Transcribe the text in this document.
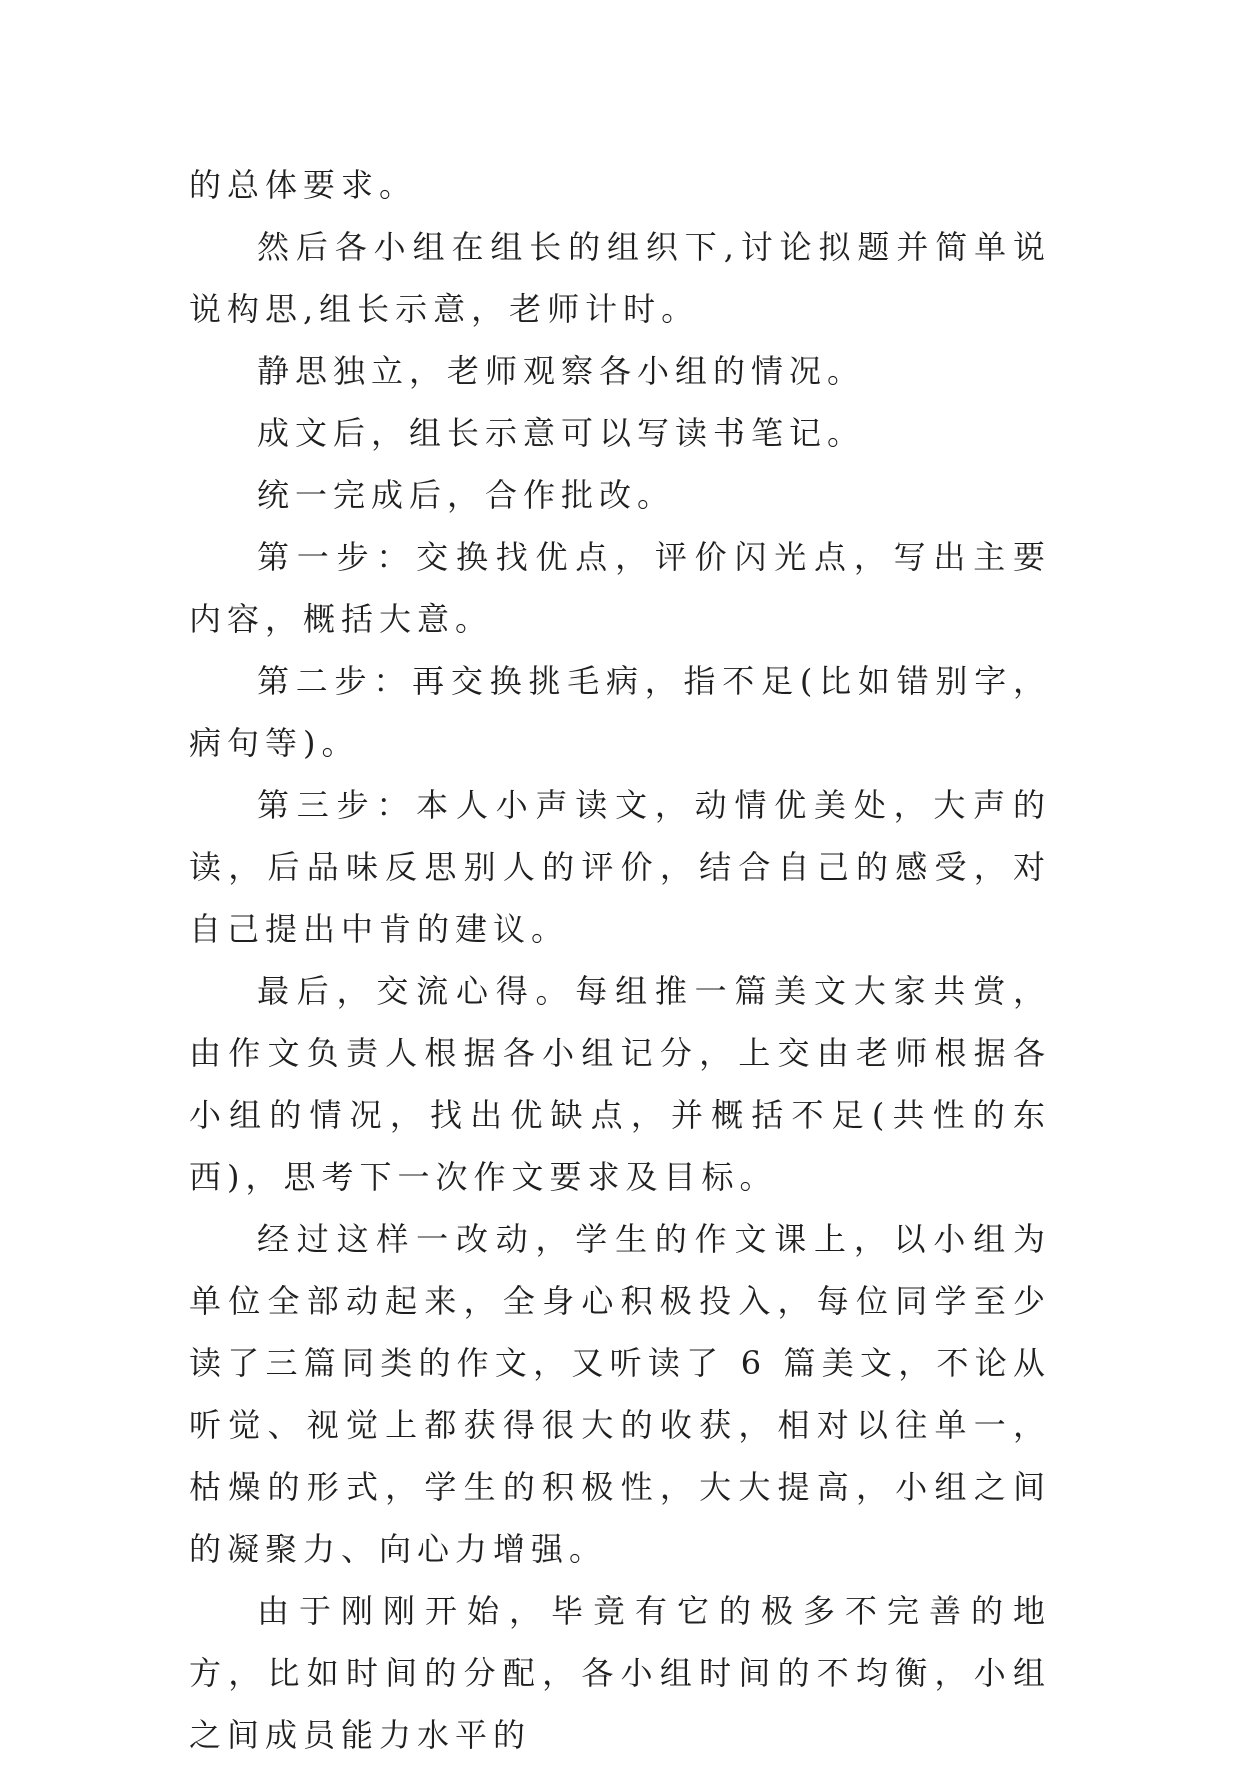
的总体要求。

然后各小组在组长的组织下,讨论拟题并简单说说构思,组长示意，老师计时。

静思独立，老师观察各小组的情况。

成文后，组长示意可以写读书笔记。

统一完成后，合作批改。

第一步：交换找优点，评价闪光点，写出主要内容，概括大意。

第二步：再交换挑毛病，指不足(比如错别字，病句等)。

第三步：本人小声读文，动情优美处，大声的读，后品味反思别人的评价，结合自己的感受，对自己提出中肯的建议。

最后，交流心得。每组推一篇美文大家共赏，由作文负责人根据各小组记分，上交由老师根据各小组的情况，找出优缺点，并概括不足(共性的东西)，思考下一次作文要求及目标。

经过这样一改动，学生的作文课上，以小组为单位全部动起来，全身心积极投入，每位同学至少读了三篇同类的作文，又听读了 6 篇美文，不论从听觉、视觉上都获得很大的收获，相对以往单一，枯燥的形式，学生的积极性，大大提高，小组之间的凝聚力、向心力增强。

由于刚刚开始，毕竟有它的极多不完善的地方，比如时间的分配，各小组时间的不均衡，小组之间成员能力水平的
